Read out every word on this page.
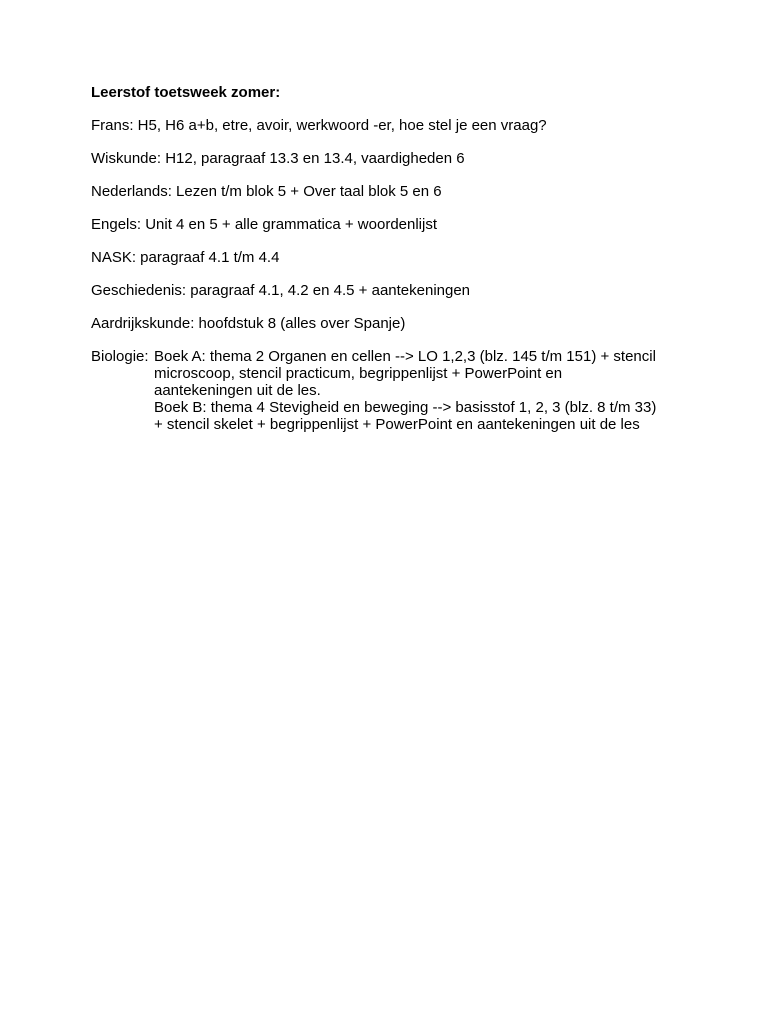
Leerstof toetsweek zomer:

Frans: H5, H6 a+b, etre, avoir, werkwoord -er, hoe stel je een vraag?

Wiskunde: H12, paragraaf 13.3 en 13.4, vaardigheden 6

Nederlands: Lezen t/m blok 5 + Over taal blok 5 en 6

Engels: Unit 4 en 5 + alle grammatica + woordenlijst

NASK: paragraaf 4.1 t/m 4.4

Geschiedenis: paragraaf 4.1, 4.2 en 4.5 + aantekeningen

Aardrijkskunde: hoofdstuk 8 (alles over Spanje)

Biologie: Boek A: thema 2 Organen en cellen --> LO 1,2,3 (blz. 145 t/m 151) + stencil
microscoop, stencil practicum, begrippenlijst + PowerPoint en
aantekeningen uit de les.
Boek B: thema 4 Stevigheid en beweging --> basisstof 1, 2, 3 (blz. 8 t/m 33)
+ stencil skelet + begrippenlijst + PowerPoint en aantekeningen uit de les
